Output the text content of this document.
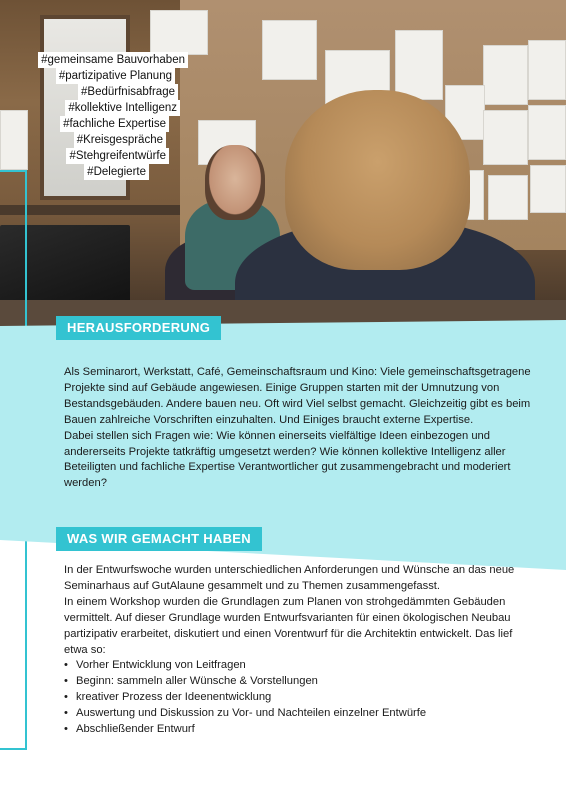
#gemeinsame Bauvorhaben
#partizipative Planung
#Bedürfnisabfrage
#kollektive Intelligenz
#fachliche Expertise
#Kreisgespräche
#Stehgreifentwürfe
#Delegierte
HERAUSFORDERUNG

Als Seminarort, Werkstatt, Café, Gemeinschaftsraum und Kino: Viele gemeinschaftsgetragene Projekte sind auf Gebäude angewiesen. Einige Gruppen starten mit der Umnutzung von Bestandsgebäuden. Andere bauen neu. Oft wird Viel selbst gemacht. Gleichzeitig gibt es beim Bauen zahlreiche Vorschriften einzuhalten. Und Einiges braucht externe Expertise.

Dabei stellen sich Fragen wie: Wie können einerseits vielfältige Ideen einbezogen und andererseits Projekte tatkräftig umgesetzt werden? Wie können kollektive Intelligenz aller Beteiligten und fachliche Expertise Verantwortlicher gut zusammengebracht und moderiert werden?

WAS WIR GEMACHT HABEN

In der Entwurfswoche wurden unterschiedlichen Anforderungen und Wünsche an das neue Seminarhaus auf GutAlaune gesammelt und zu Themen zusammengefasst.

In einem Workshop wurden die Grundlagen zum Planen von strohgedämmten Gebäuden vermittelt. Auf dieser Grundlage wurden Entwurfsvarianten für einen ökologischen Neubau partizipativ erarbeitet, diskutiert und einen Vorentwurf für die Architektin entwickelt. Das lief etwa so:

• Vorher Entwicklung von Leitfragen
• Beginn: sammeln aller Wünsche & Vorstellungen
• kreativer Prozess der Ideenentwicklung
• Auswertung und Diskussion zu Vor- und Nachteilen einzelner Entwürfe
• Abschließender Entwurf
